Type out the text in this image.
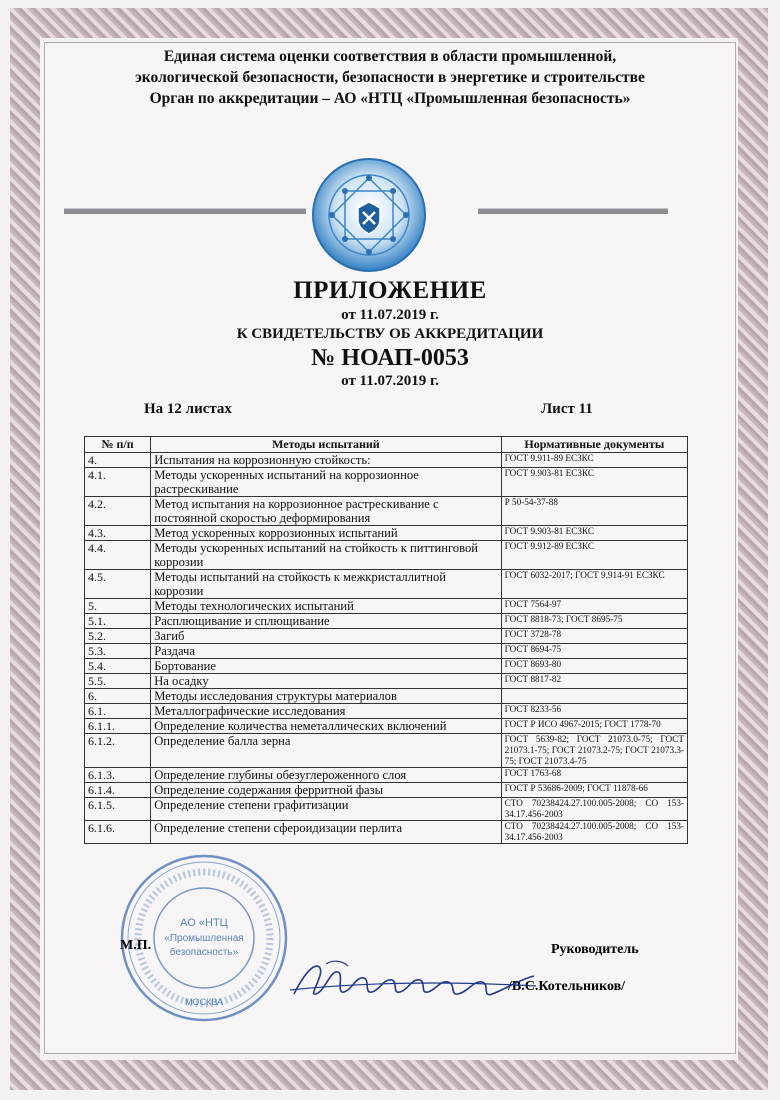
Единая система оценки соответствия в области промышленной,
экологической безопасности, безопасности в энергетике и строительстве
Орган по аккредитации – АО «НТЦ «Промышленная безопасность»
ПРИЛОЖЕНИЕ
от 11.07.2019 г.
К СВИДЕТЕЛЬСТВУ ОБ АККРЕДИТАЦИИ
№ НОАП-0053
от 11.07.2019 г.
На 12 листах	Лист 11
№ п/п	Методы испытаний	Нормативные документы
4.	Испытания на коррозионную стойкость:	ГОСТ 9.911-89 ЕСЗКС
4.1.	Методы ускоренных испытаний на коррозионное растрескивание	ГОСТ 9.903-81 ЕСЗКС
4.2.	Метод испытания на коррозионное растрескивание с постоянной скоростью деформирования	Р 50-54-37-88
4.3.	Метод ускоренных коррозионных испытаний	ГОСТ 9.903-81 ЕСЗКС
4.4.	Методы ускоренных испытаний на стойкость к питтинговой коррозии	ГОСТ 9.912-89 ЕСЗКС
4.5.	Методы испытаний на стойкость к межкристаллитной коррозии	ГОСТ 6032-2017; ГОСТ 9.914-91 ЕСЗКС
5.	Методы технологических испытаний	ГОСТ 7564-97
5.1.	Расплющивание и сплющивание	ГОСТ 8818-73; ГОСТ 8695-75
5.2.	Загиб	ГОСТ 3728-78
5.3.	Раздача	ГОСТ 8694-75
5.4.	Бортование	ГОСТ 8693-80
5.5.	На осадку	ГОСТ 8817-82
6.	Методы исследования структуры материалов	
6.1.	Металлографические исследования	ГОСТ 8233-56
6.1.1.	Определение количества неметаллических включений	ГОСТ Р ИСО 4967-2015; ГОСТ 1778-70
6.1.2.	Определение балла зерна	ГОСТ 5639-82; ГОСТ 21073.0-75; ГОСТ 21073.1-75; ГОСТ 21073.2-75; ГОСТ 21073.3-75; ГОСТ 21073.4-75
6.1.3.	Определение глубины обезуглероженного слоя	ГОСТ 1763-68
6.1.4.	Определение содержания ферритной фазы	ГОСТ Р 53686-2009; ГОСТ 11878-66
6.1.5.	Определение степени графитизации	СТО 70238424.27.100.005-2008; СО 153-34.17.456-2003
6.1.6.	Определение степени сфероидизации перлита	СТО 70238424.27.100.005-2008; СО 153-34.17.456-2003
АО «НТЦ
«Промышленная
безопасность»
МОСКВА
М.П.	Руководитель
/В.С.Котельников/
